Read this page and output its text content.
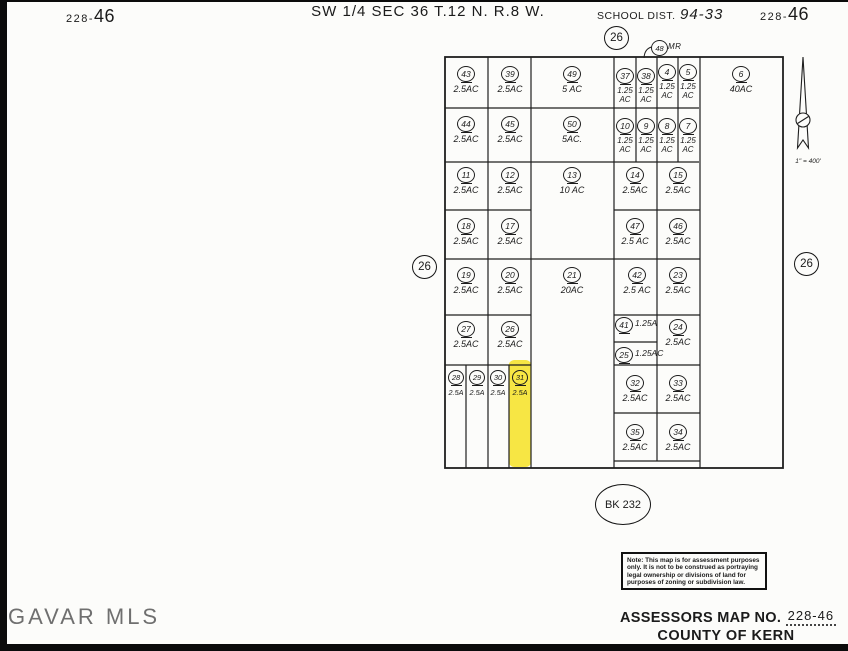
228-46	SW 1/4 SEC 36 T.12 N. R.8 W.	SCHOOL DIST. 94-33	228-46
26
26	26
48 MR
43
2.5AC
39
2.5AC
49
5 AC
37
1.25 AC
38
1.25 AC
4
1.25 AC
5
1.25 AC
6
40AC
44
2.5AC
45
2.5AC
50
5AC.
10
1.25 AC
9
1.25 AC
8
1.25 AC
7
1.25 AC
11
2.5AC
12
2.5AC
13
10 AC
14
2.5AC
15
2.5AC
18
2.5AC
17
2.5AC
47
2.5 AC
46
2.5AC
19
2.5AC
20
2.5AC
21
20AC
42
2.5 AC
23
2.5AC
27
2.5AC
26
2.5AC
41 1.25A	24
2.5AC
25 1.25AC
28
2.5A
29
2.5A
30
2.5A
31
2.5A
32
2.5AC
33
2.5AC
35
2.5AC
34
2.5AC
1" = 400'
BK 232
Note: This map is for assessment purposes
only. It is not to be construed as portraying
legal ownership or divisions of land for
purposes of zoning or subdivision law.
ASSESSORS MAP NO. 228-46
COUNTY OF KERN
GAVAR MLS
